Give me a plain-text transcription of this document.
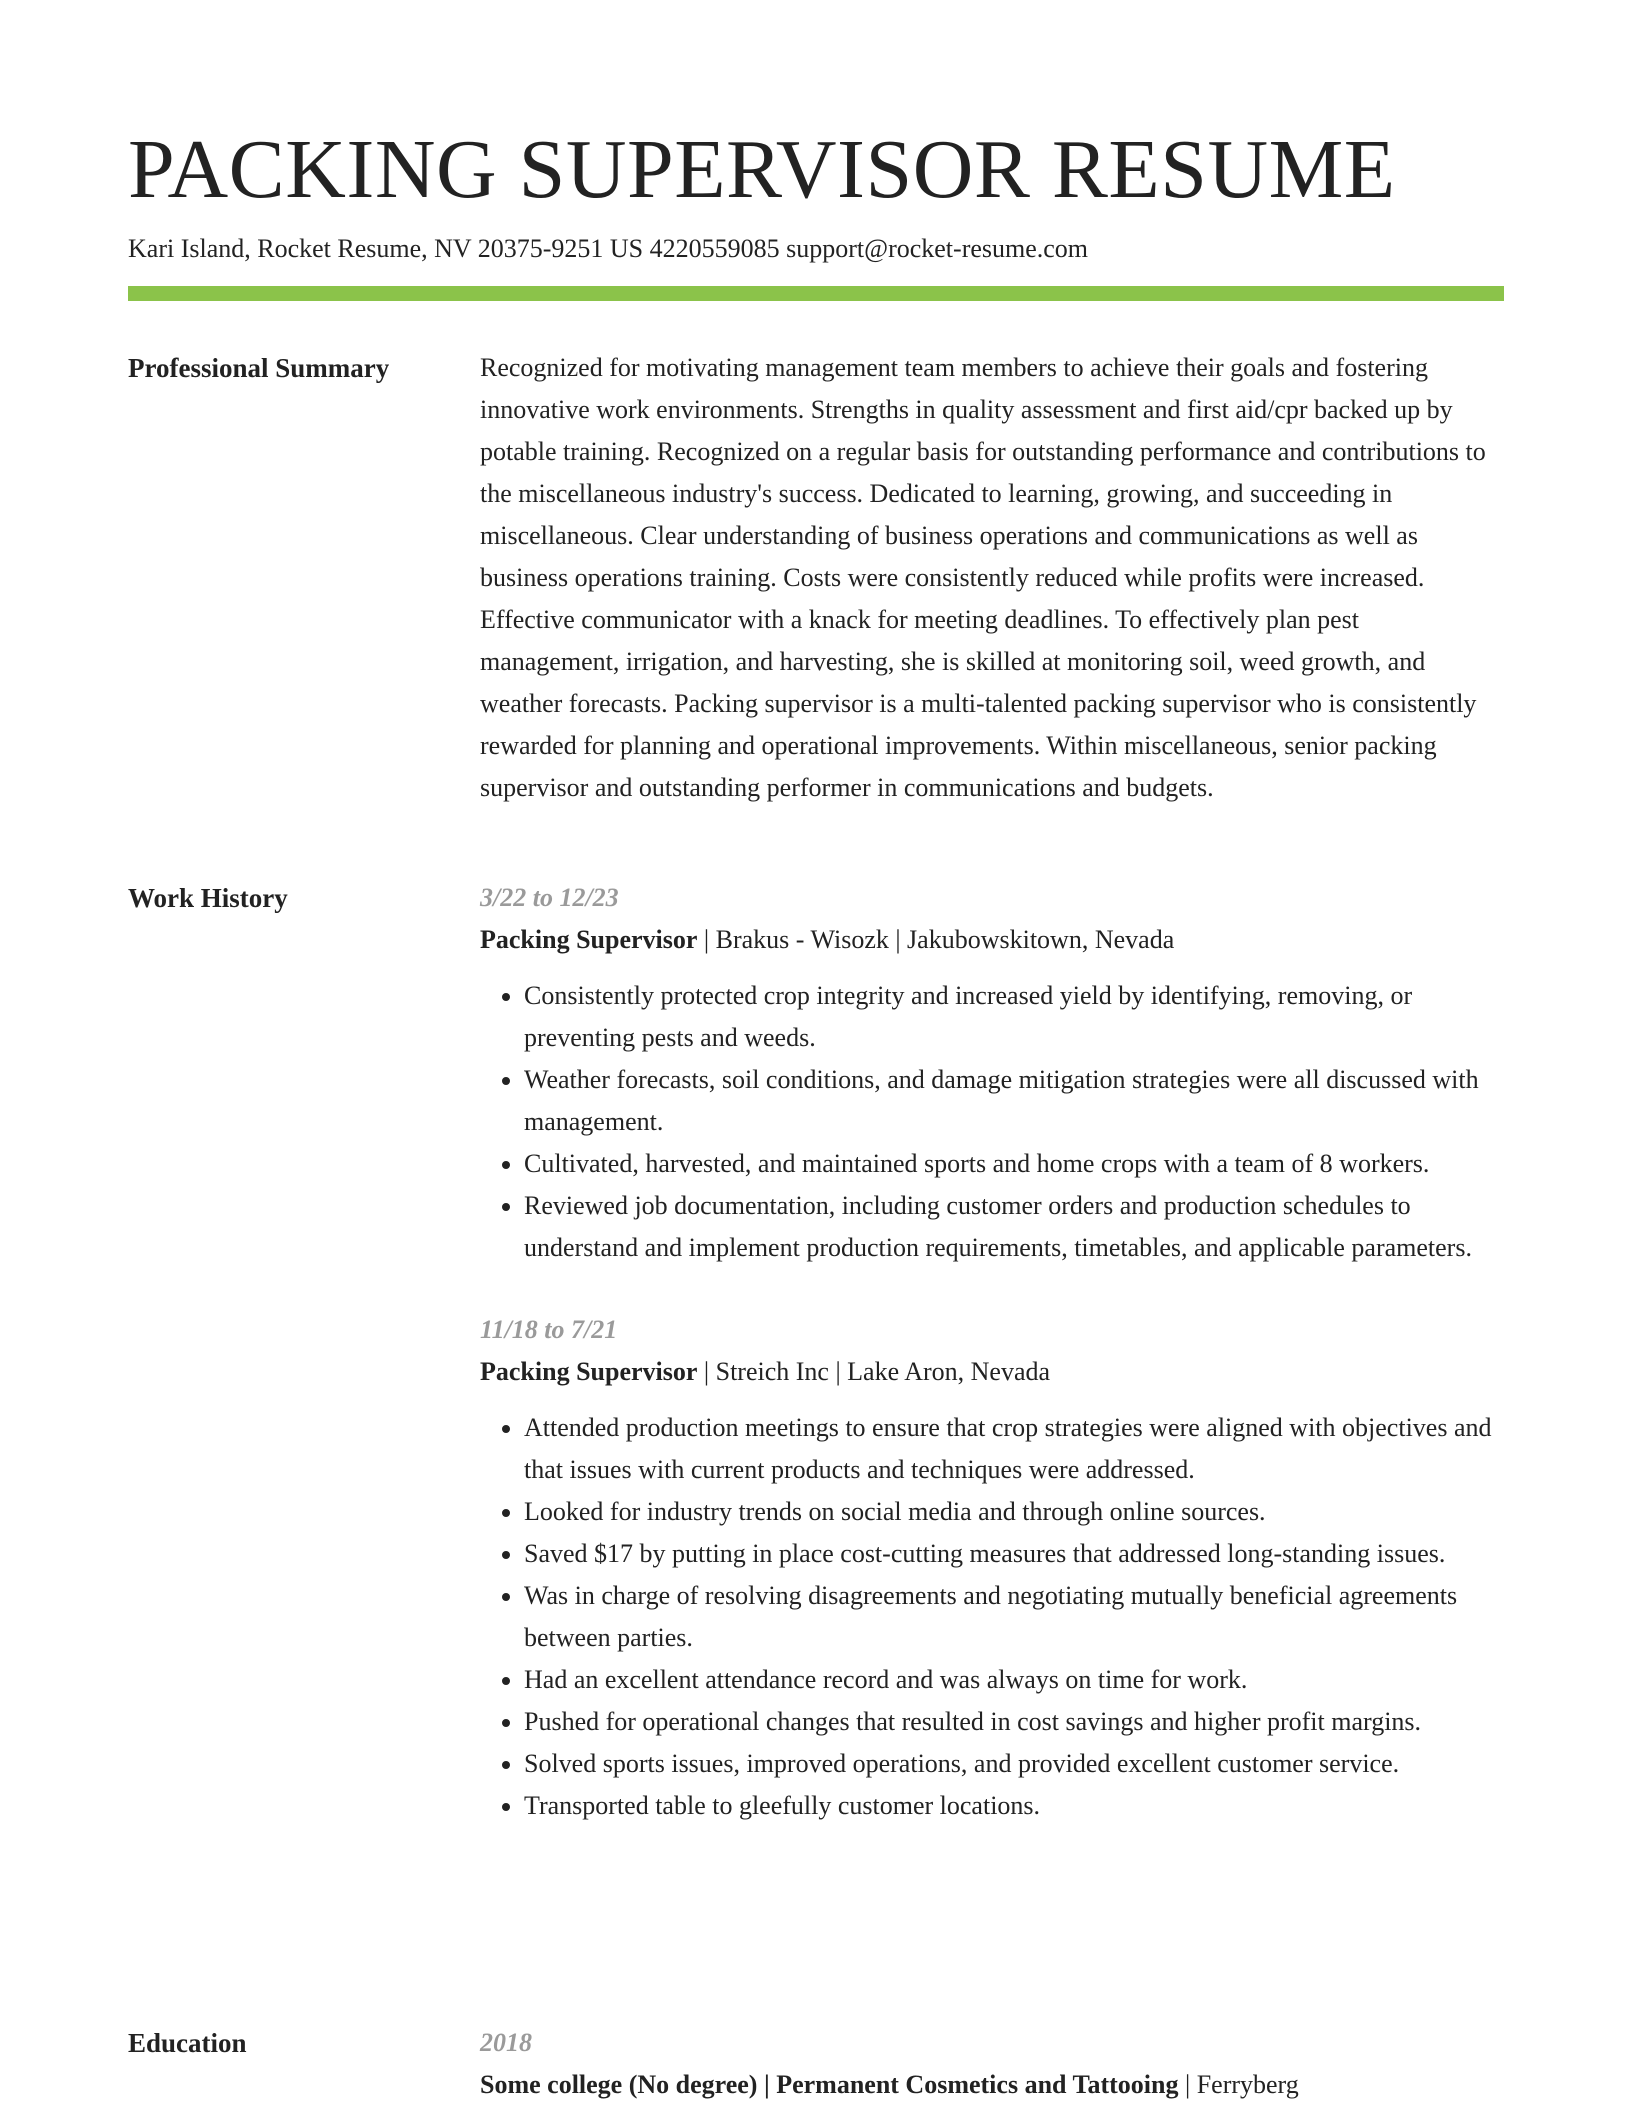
PACKING SUPERVISOR RESUME
Kari Island, Rocket Resume, NV 20375-9251 US 4220559085 support@rocket-resume.com
Professional Summary	Recognized for motivating management team members to achieve their goals and fostering innovative work environments. Strengths in quality assessment and first aid/cpr backed up by potable training. Recognized on a regular basis for outstanding performance and contributions to the miscellaneous industry's success. Dedicated to learning, growing, and succeeding in miscellaneous. Clear understanding of business operations and communications as well as business operations training. Costs were consistently reduced while profits were increased. Effective communicator with a knack for meeting deadlines. To effectively plan pest management, irrigation, and harvesting, she is skilled at monitoring soil, weed growth, and weather forecasts. Packing supervisor is a multi-talented packing supervisor who is consistently rewarded for planning and operational improvements. Within miscellaneous, senior packing supervisor and outstanding performer in communications and budgets.

Work History	3/22 to 12/23

Packing Supervisor | Brakus - Wisozk | Jakubowskitown, Nevada

• Consistently protected crop integrity and increased yield by identifying, removing, or preventing pests and weeds.
• Weather forecasts, soil conditions, and damage mitigation strategies were all discussed with management.
• Cultivated, harvested, and maintained sports and home crops with a team of 8 workers.
• Reviewed job documentation, including customer orders and production schedules to understand and implement production requirements, timetables, and applicable parameters.

11/18 to 7/21

Packing Supervisor | Streich Inc | Lake Aron, Nevada

• Attended production meetings to ensure that crop strategies were aligned with objectives and that issues with current products and techniques were addressed.
• Looked for industry trends on social media and through online sources.
• Saved $17 by putting in place cost-cutting measures that addressed long-standing issues.
• Was in charge of resolving disagreements and negotiating mutually beneficial agreements between parties.
• Had an excellent attendance record and was always on time for work.
• Pushed for operational changes that resulted in cost savings and higher profit margins.
• Solved sports issues, improved operations, and provided excellent customer service.
• Transported table to gleefully customer locations.
Education	2018

Some college (No degree) | Permanent Cosmetics and Tattooing | Ferryberg
